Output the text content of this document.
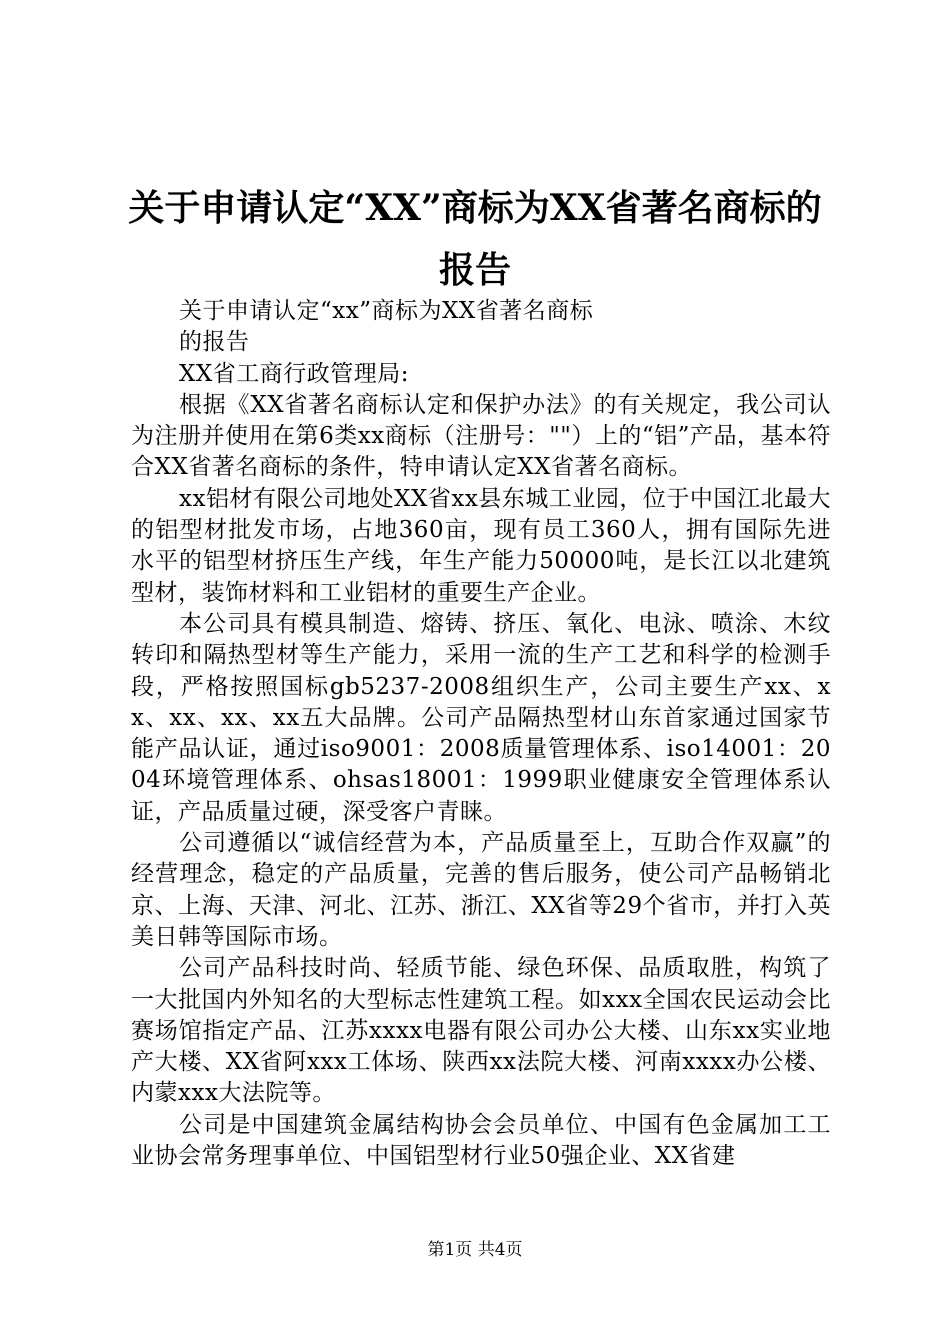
关于申请认定“XX”商标为XX省著名商标的
报告

关于申请认定“xx”商标为XX省著名商标

的报告

XX省工商行政管理局:

根据《XX省著名商标认定和保护办法》的有关规定，我公司认为注册并使用在第6类xx商标（注册号：""）上的“铝”产品，基本符合XX省著名商标的条件，特申请认定XX省著名商标。

xx铝材有限公司地处XX省xx县东城工业园，位于中国江北最大的铝型材批发市场，占地360亩，现有员工360人，拥有国际先进水平的铝型材挤压生产线，年生产能力50000吨，是长江以北建筑型材，装饰材料和工业铝材的重要生产企业。

本公司具有模具制造、熔铸、挤压、氧化、电泳、喷涂、木纹转印和隔热型材等生产能力，采用一流的生产工艺和科学的检测手段，严格按照国标gb5237-2008组织生产，公司主要生产xx、xx、xx、xx、xx五大品牌。公司产品隔热型材山东首家通过国家节能产品认证，通过iso9001：2008质量管理体系、iso14001：2004环境管理体系、ohsas18001：1999职业健康安全管理体系认证，产品质量过硬，深受客户青睐。

公司遵循以“诚信经营为本，产品质量至上，互助合作双赢”的经营理念，稳定的产品质量，完善的售后服务，使公司产品畅销北京、上海、天津、河北、江苏、浙江、XX省等29个省市，并打入英美日韩等国际市场。

公司产品科技时尚、轻质节能、绿色环保、品质取胜，构筑了一大批国内外知名的大型标志性建筑工程。如xxx全国农民运动会比赛场馆指定产品、江苏xxxx电器有限公司办公大楼、山东xx实业地产大楼、XX省阿xxx工体场、陕西xx法院大楼、河南xxxx办公楼、内蒙xxx大法院等。

公司是中国建筑金属结构协会会员单位、中国有色金属加工工业协会常务理事单位、中国铝型材行业50强企业、XX省建

第1页 共4页
